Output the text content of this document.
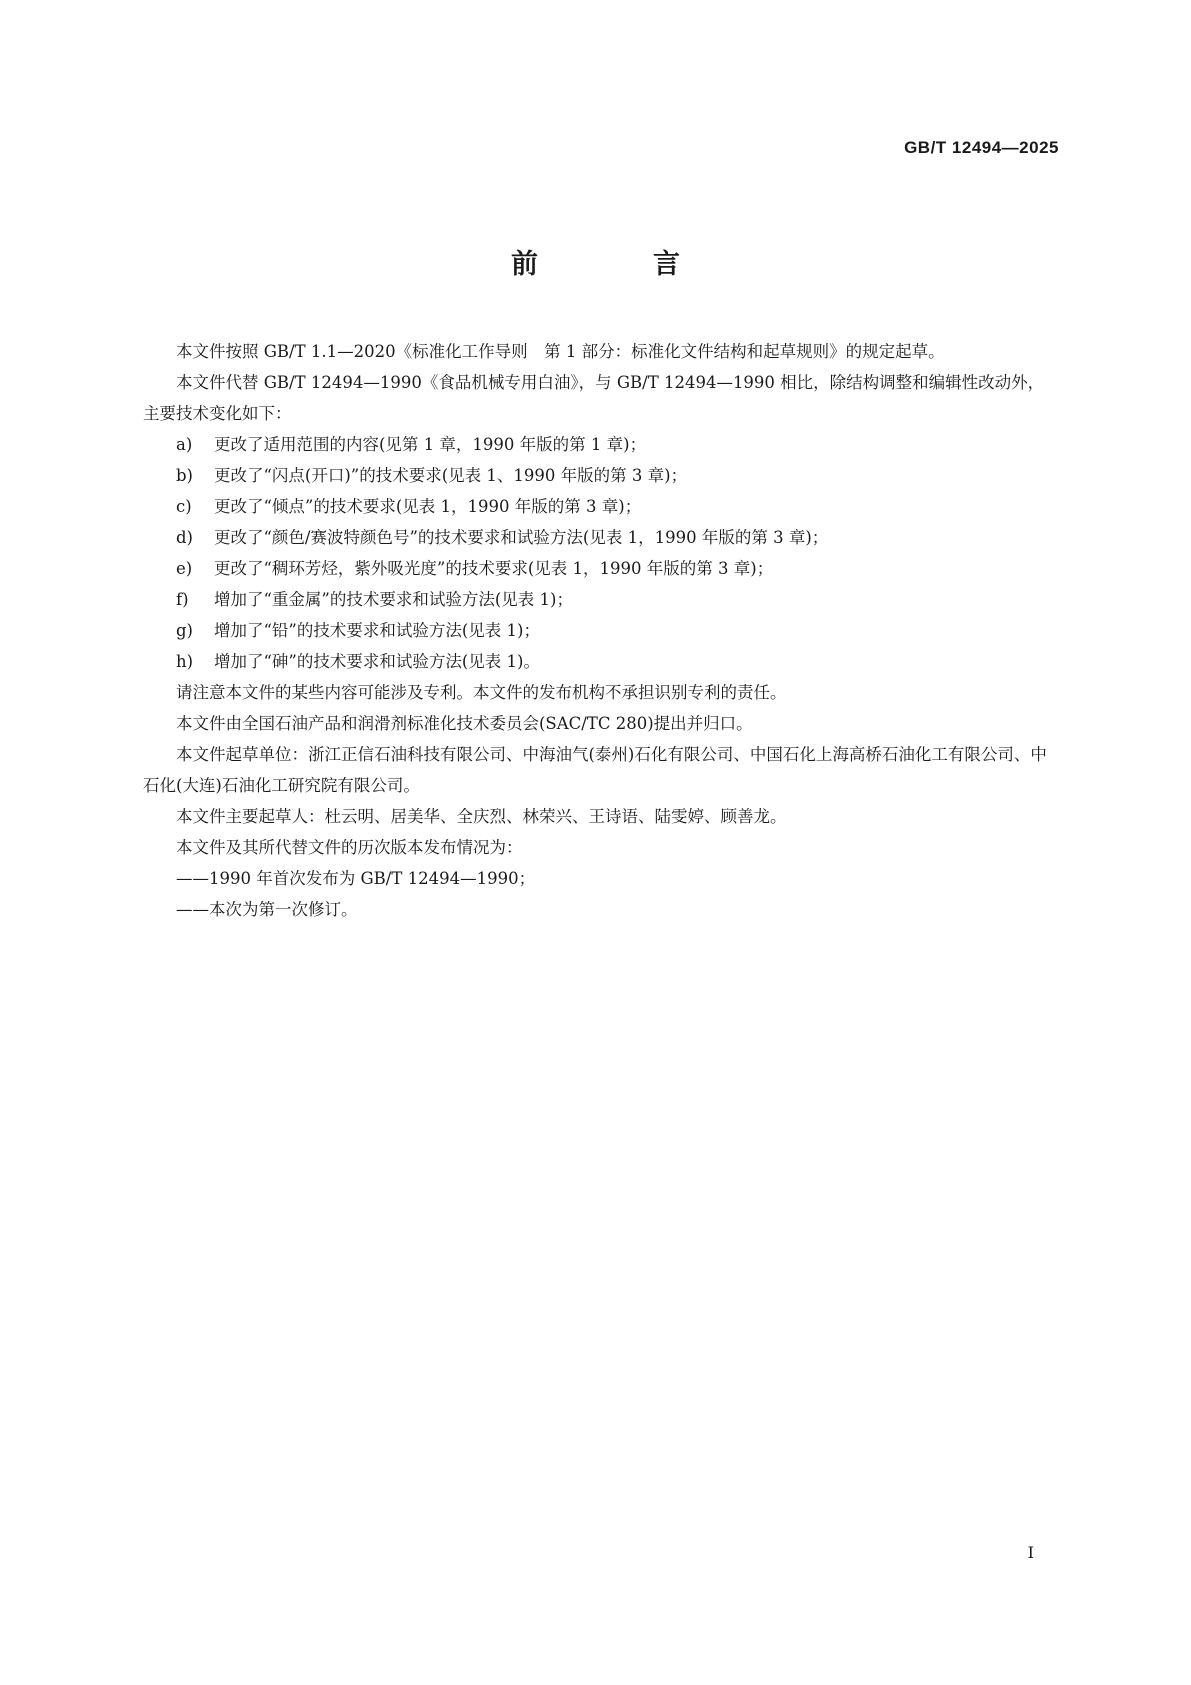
GB/T 12494—2025
前　言

本文件按照 GB/T 1.1—2020《标准化工作导则　第 1 部分：标准化文件结构和起草规则》的规定起草。

本文件代替 GB/T 12494—1990《食品机械专用白油》，与 GB/T 12494—1990 相比，除结构调整和编辑性改动外，主要技术变化如下：

a) 更改了适用范围的内容(见第 1 章，1990 年版的第 1 章)；

b) 更改了“闪点(开口)”的技术要求(见表 1、1990 年版的第 3 章)；

c) 更改了“倾点”的技术要求(见表 1，1990 年版的第 3 章)；

d) 更改了“颜色/赛波特颜色号”的技术要求和试验方法(见表 1，1990 年版的第 3 章)；

e) 更改了“稠环芳烃，紫外吸光度”的技术要求(见表 1，1990 年版的第 3 章)；

f) 增加了“重金属”的技术要求和试验方法(见表 1)；

g) 增加了“铅”的技术要求和试验方法(见表 1)；

h) 增加了“砷”的技术要求和试验方法(见表 1)。

请注意本文件的某些内容可能涉及专利。本文件的发布机构不承担识别专利的责任。

本文件由全国石油产品和润滑剂标准化技术委员会(SAC/TC 280)提出并归口。

本文件起草单位：浙江正信石油科技有限公司、中海油气(泰州)石化有限公司、中国石化上海高桥石油化工有限公司、中石化(大连)石油化工研究院有限公司。

本文件主要起草人：杜云明、居美华、全庆烈、林荣兴、王诗语、陆雯婷、顾善龙。

本文件及其所代替文件的历次版本发布情况为：

——1990 年首次发布为 GB/T 12494—1990；

——本次为第一次修订。

I
